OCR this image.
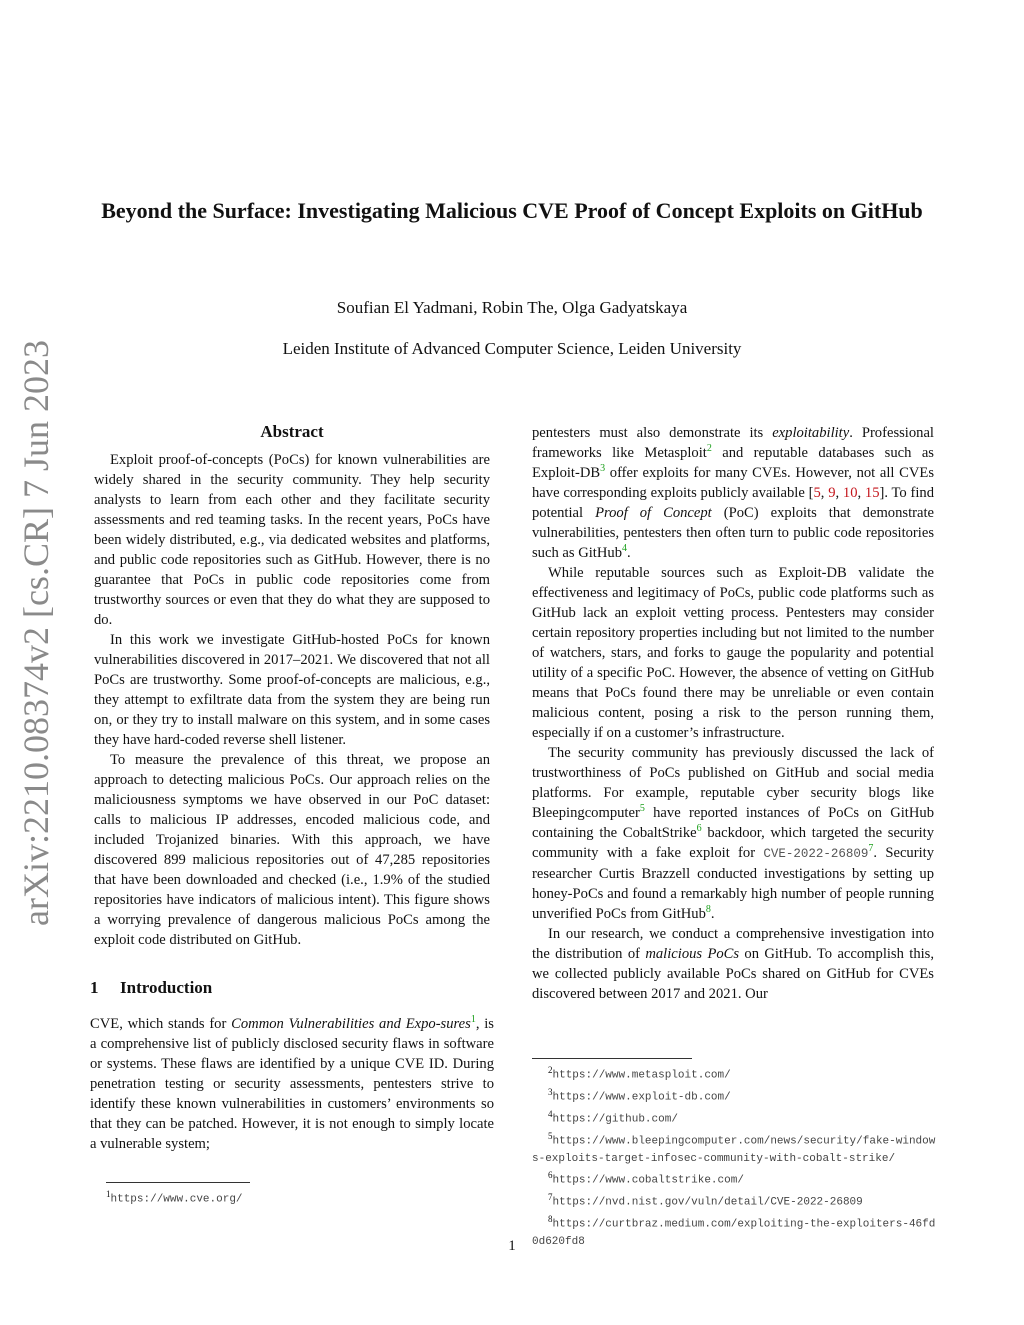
arXiv:2210.08374v2 [cs.CR] 7 Jun 2023
Beyond the Surface: Investigating Malicious CVE Proof of Concept Exploits on GitHub
Soufian El Yadmani, Robin The, Olga Gadyatskaya
Leiden Institute of Advanced Computer Science, Leiden University
Abstract

Exploit proof-of-concepts (PoCs) for known vulnerabilities are widely shared in the security community. They help security analysts to learn from each other and they facilitate security assessments and red teaming tasks. In the recent years, PoCs have been widely distributed, e.g., via dedicated websites and platforms, and public code repositories such as GitHub. However, there is no guarantee that PoCs in public code repositories come from trustworthy sources or even that they do what they are supposed to do.

In this work we investigate GitHub-hosted PoCs for known vulnerabilities discovered in 2017–2021. We discovered that not all PoCs are trustworthy. Some proof-of-concepts are malicious, e.g., they attempt to exfiltrate data from the system they are being run on, or they try to install malware on this system, and in some cases they have hard-coded reverse shell listener.

To measure the prevalence of this threat, we propose an approach to detecting malicious PoCs. Our approach relies on the maliciousness symptoms we have observed in our PoC dataset: calls to malicious IP addresses, encoded malicious code, and included Trojanized binaries. With this approach, we have discovered 899 malicious repositories out of 47,285 repositories that have been downloaded and checked (i.e., 1.9% of the studied repositories have indicators of malicious intent). This figure shows a worrying prevalence of dangerous malicious PoCs among the exploit code distributed on GitHub.

1	Introduction

CVE, which stands for Common Vulnerabilities and Expo-sures$^1$, is a comprehensive list of publicly disclosed security flaws in software or systems. These flaws are identified by a unique CVE ID. During penetration testing or security assessments, pentesters strive to identify these known vulnerabilities in customers’ environments so that they can be patched. However, it is not enough to simply locate a vulnerable system;

pentesters must also demonstrate its exploitability. Professional frameworks like Metasploit$^2$ and reputable databases such as Exploit-DB$^3$ offer exploits for many CVEs. However, not all CVEs have corresponding exploits publicly available [5, 9, 10, 15]. To find potential Proof of Concept (PoC) exploits that demonstrate vulnerabilities, pentesters then often turn to public code repositories such as GitHub$^4$.

While reputable sources such as Exploit-DB validate the effectiveness and legitimacy of PoCs, public code platforms such as GitHub lack an exploit vetting process. Pentesters may consider certain repository properties including but not limited to the number of watchers, stars, and forks to gauge the popularity and potential utility of a specific PoC. However, the absence of vetting on GitHub means that PoCs found there may be unreliable or even contain malicious content, posing a risk to the person running them, especially if on a customer’s infrastructure.

The security community has previously discussed the lack of trustworthiness of PoCs published on GitHub and social media platforms. For example, reputable cyber security blogs like Bleepingcomputer$^5$ have reported instances of PoCs on GitHub containing the CobaltStrike$^6$ backdoor, which targeted the security community with a fake exploit for CVE-2022-26809$^7$. Security researcher Curtis Brazzell conducted investigations by setting up honey-PoCs and found a remarkably high number of people running unverified PoCs from GitHub$^8$.

In our research, we conduct a comprehensive investigation into the distribution of malicious PoCs on GitHub. To accomplish this, we collected publicly available PoCs shared on GitHub for CVEs discovered between 2017 and 2021. Our

$^1$https://www.cve.org/
$^2$https://www.metasploit.com/
$^3$https://www.exploit-db.com/
$^4$https://github.com/
$^5$https://www.bleepingcomputer.com/news/security/fake-windows-exploits-target-infosec-community-with-cobalt-strike/
$^6$https://www.cobaltstrike.com/
$^7$https://nvd.nist.gov/vuln/detail/CVE-2022-26809
$^8$https://curtbraz.medium.com/exploiting-the-exploiters-46fd0d620fd8
1
